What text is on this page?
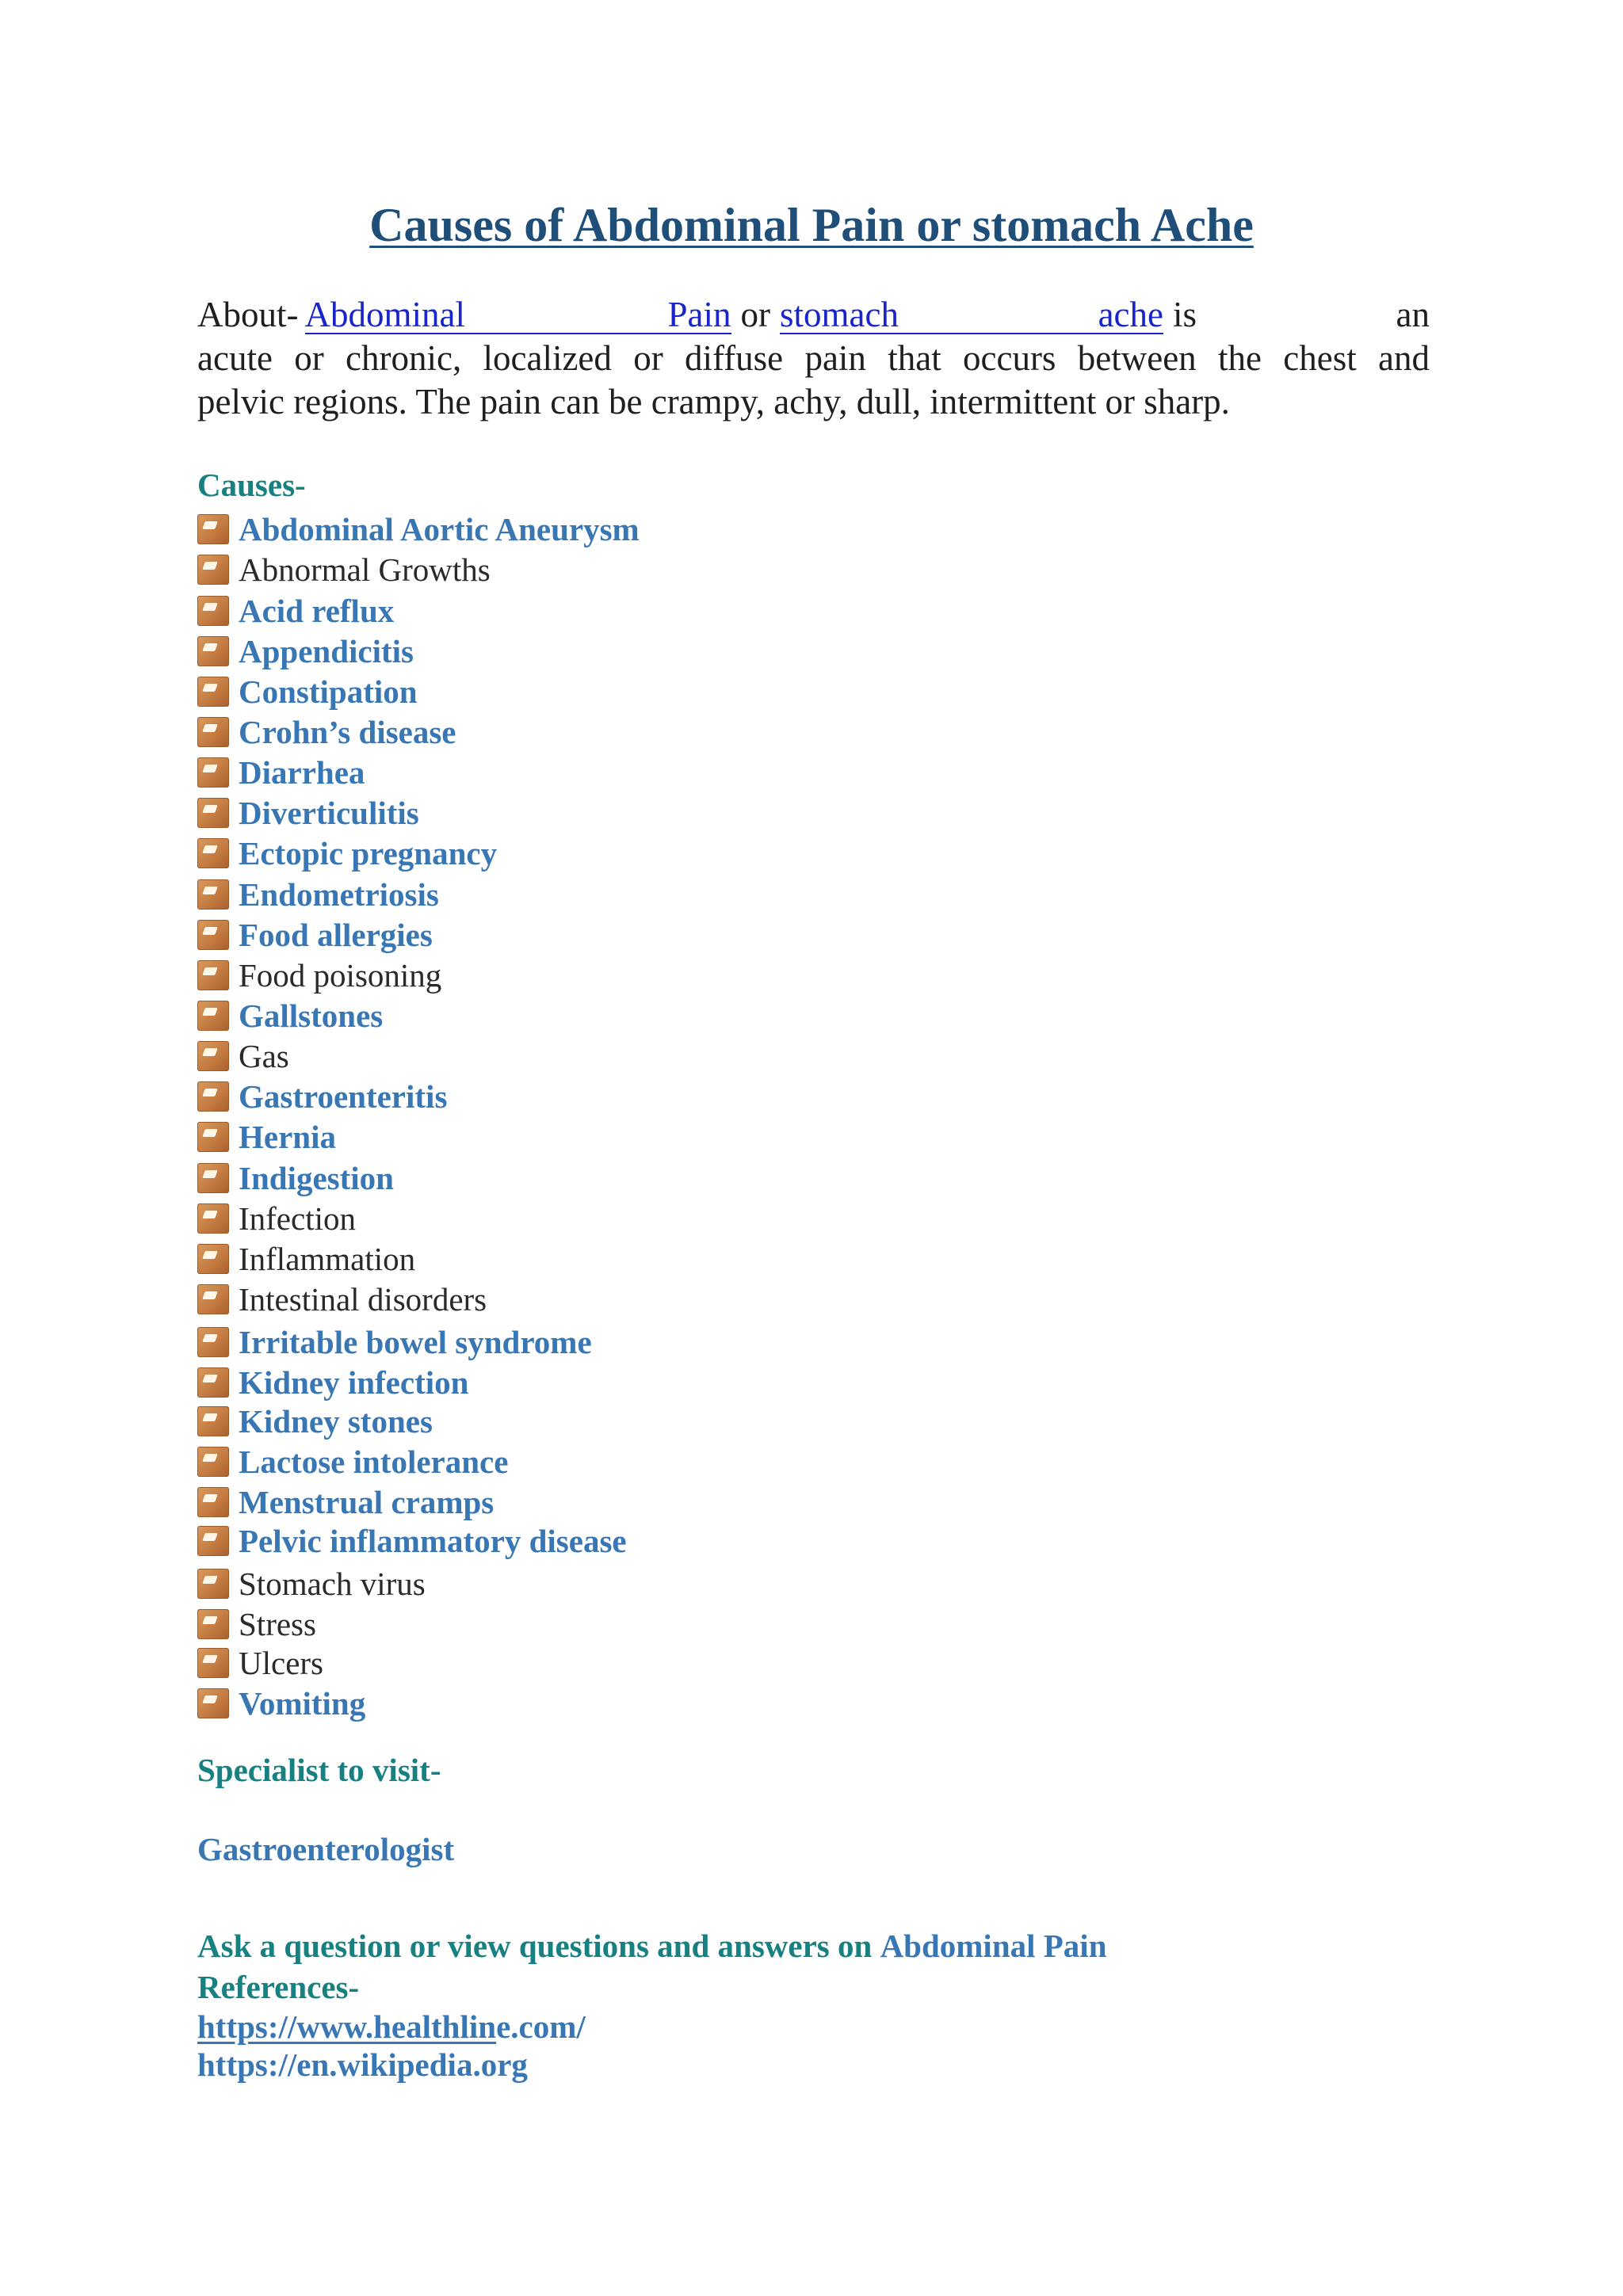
Causes of Abdominal Pain or stomach Ache
About- Abdominal	Pain or stomach	ache is	an
acute or chronic, localized or diffuse pain that occurs between the chest and
pelvic regions. The pain can be crampy, achy, dull, intermittent or sharp.
Causes-
Abdominal Aortic Aneurysm
Abnormal Growths
Acid reflux
Appendicitis
Constipation
Crohn’s disease
Diarrhea
Diverticulitis
Ectopic pregnancy
Endometriosis
Food allergies
Food poisoning
Gallstones
Gas
Gastroenteritis
Hernia
Indigestion
Infection
Inflammation
Intestinal disorders
Irritable bowel syndrome
Kidney infection
Kidney stones
Lactose intolerance
Menstrual cramps
Pelvic inflammatory disease
Stomach virus
Stress
Ulcers
Vomiting
Specialist to visit-
Gastroenterologist
Ask a question or view questions and answers on Abdominal Pain
References-
https://www.healthline.com/
https://en.wikipedia.org
